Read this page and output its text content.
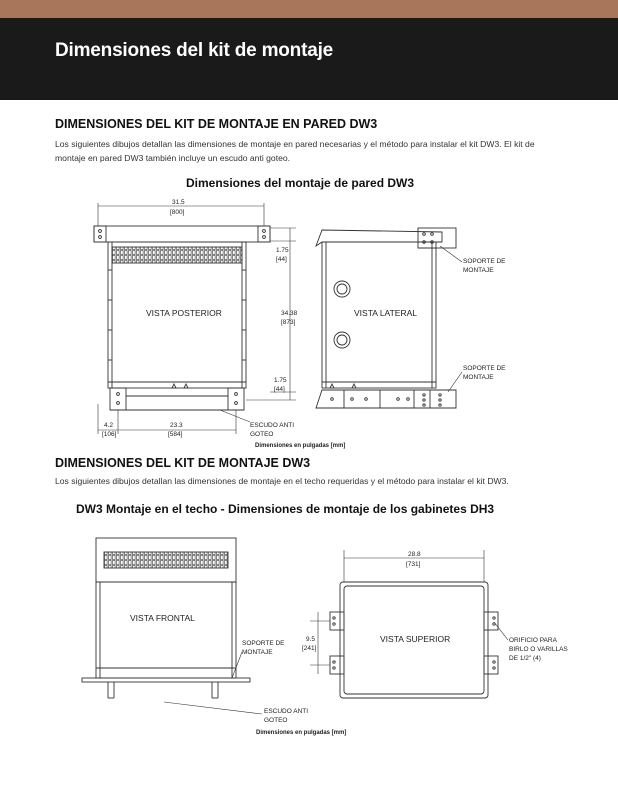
Dimensiones del kit de montaje
DIMENSIONES DEL KIT DE MONTAJE EN PARED DW3

Los siguientes dibujos detallan las dimensiones de montaje en pared necesarias y el método para instalar el kit DW3. El kit de

montaje en pared DW3 también incluye un escudo anti goteo.

Dimensiones del montaje de pared DW3
DIMENSIONES DEL KIT DE MONTAJE DW3

Los siguientes dibujos detallan las dimensiones de montaje en el techo requeridas y el método para instalar el kit DW3.

DW3 Montaje en el techo - Dimensiones de montaje de los gabinetes DH3
VISTA POSTERIOR
31.5
[800]
1.75
[44]
34.38
[873]
1.75
[44]
4.2
[106]
23.3
[584]
ESCUDO ANTI
GOTEO
VISTA LATERAL
SOPORTE DE
MONTAJE
SOPORTE DE
MONTAJE
Dimensiones en pulgadas [mm]
VISTA FRONTAL
SOPORTE DE
MONTAJE
ESCUDO ANTI
GOTEO
VISTA SUPERIOR
28.8
[731]
9.5
[241]
ORIFICIO PARA
BIRLO O VARILLAS
DE 1/2" (4)
Dimensiones en pulgadas [mm]
